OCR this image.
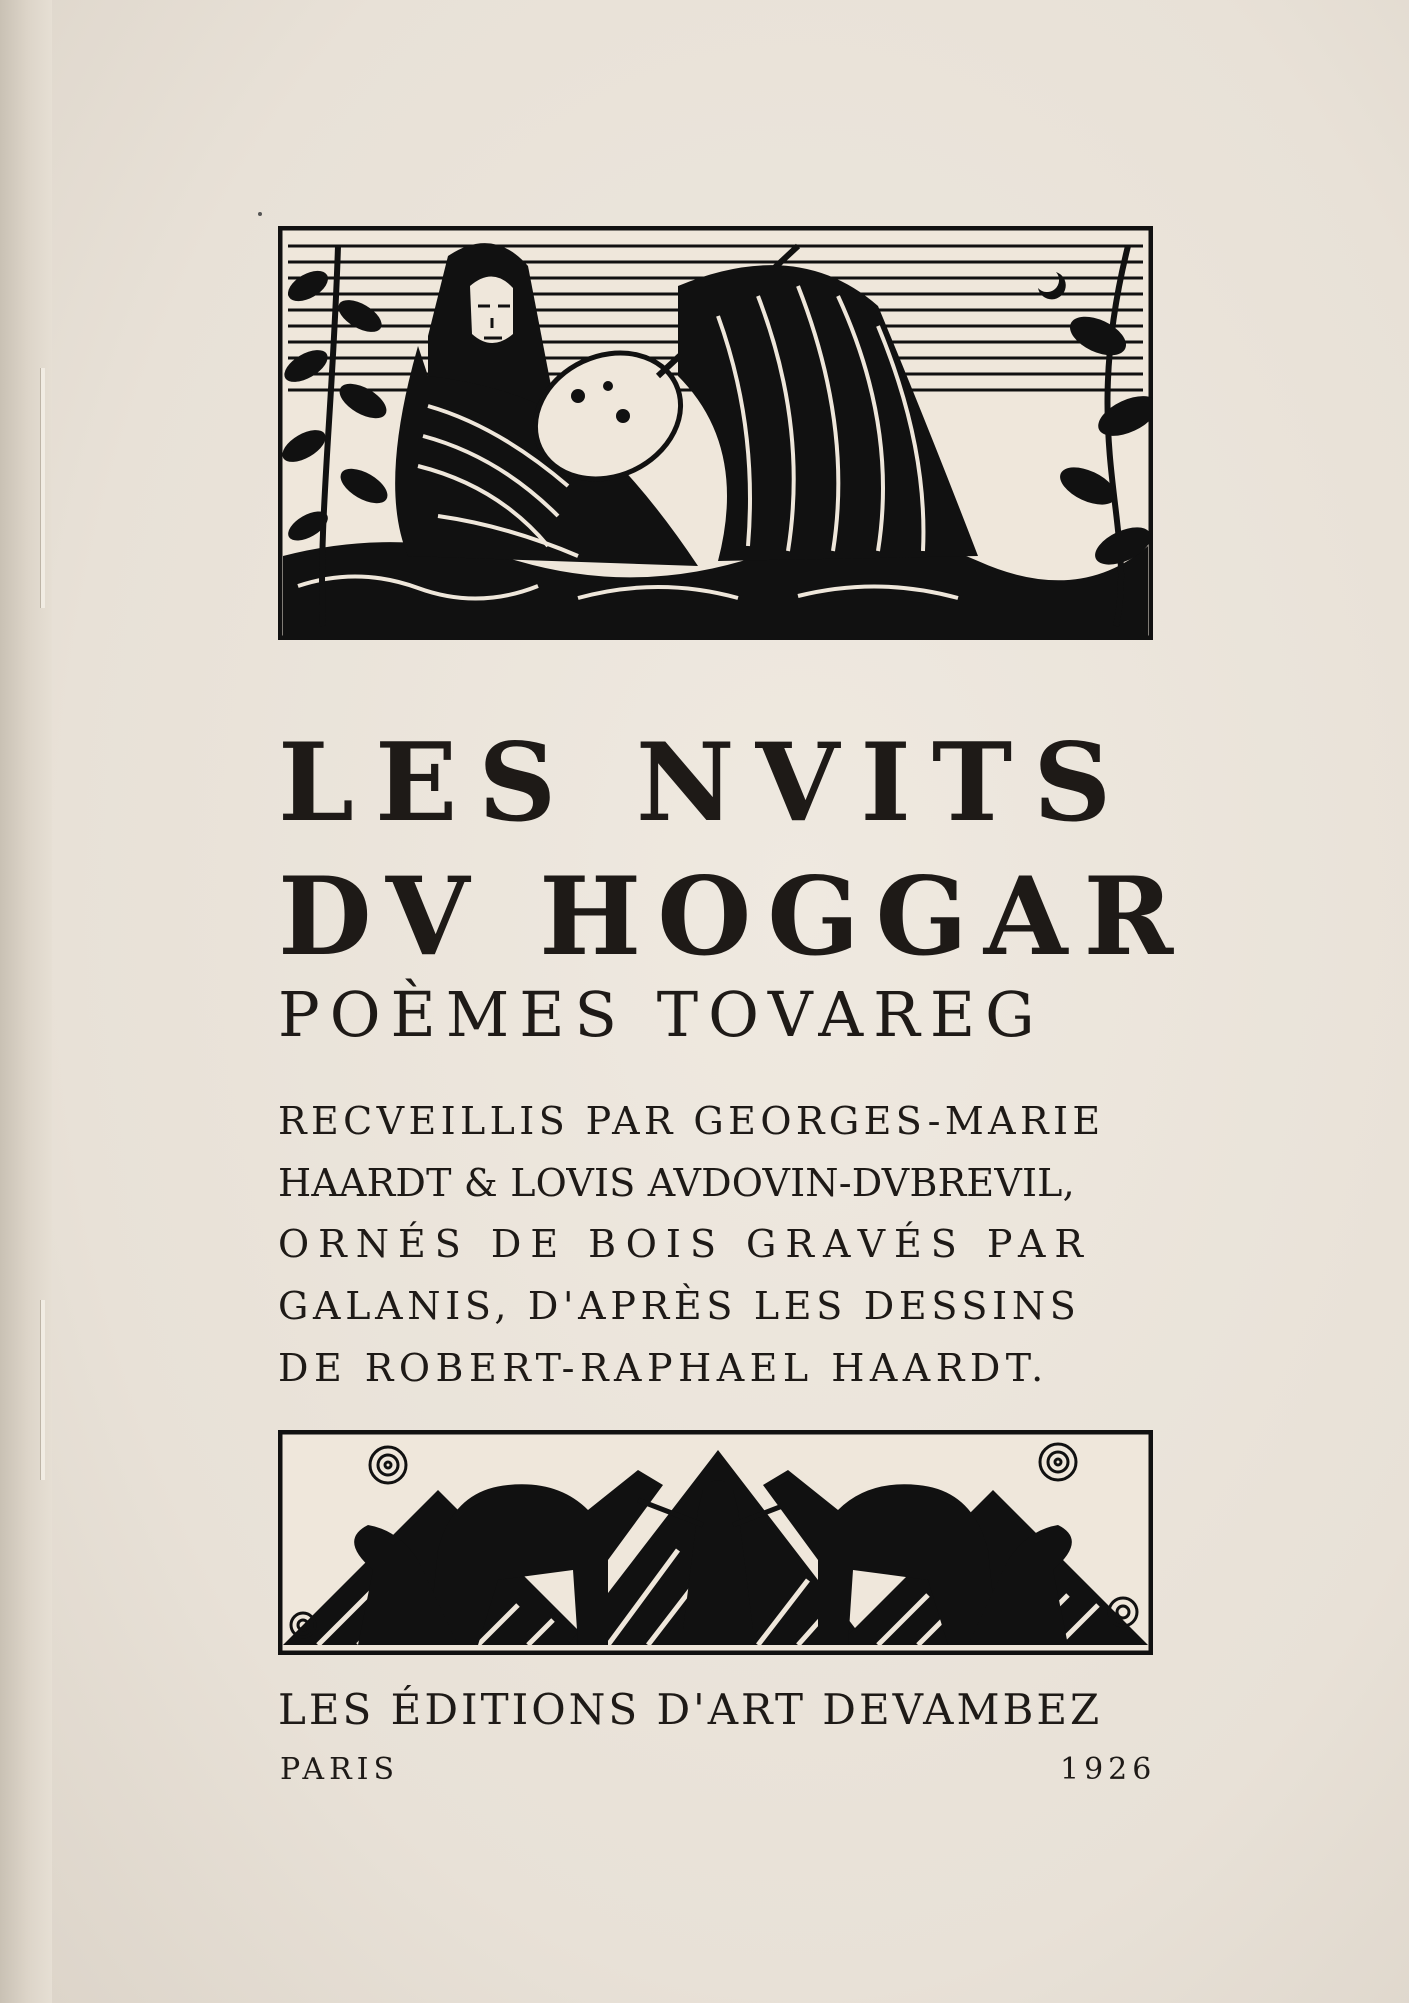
LES NVITS
DV HOGGAR
POÈMES TOVAREG
RECVEILLIS PAR GEORGES-MARIE
HAARDT & LOVIS AVDOVIN-DVBREVIL,
ORNÉS DE BOIS GRAVÉS PAR
GALANIS, D'APRÈS LES DESSINS
DE ROBERT-RAPHAEL HAARDT.
LES ÉDITIONS D'ART DEVAMBEZ
PARIS	1926
